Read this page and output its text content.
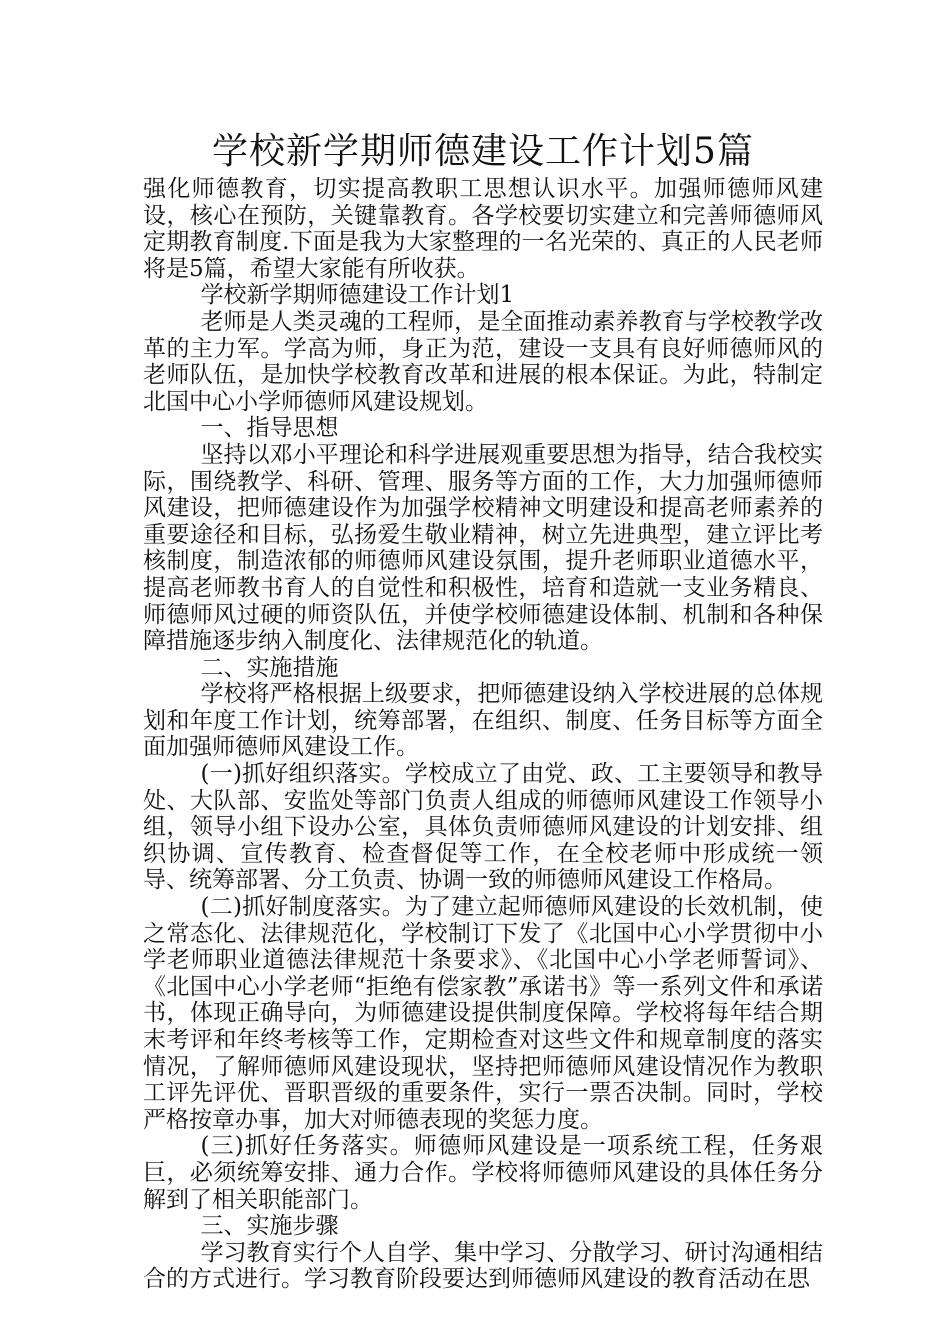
学校新学期师德建设工作计划5篇

强化师德教育，切实提高教职工思想认识水平。加强师德师风建设，核心在预防，关键靠教育。各学校要切实建立和完善师德师风定期教育制度.下面是我为大家整理的一名光荣的、真正的人民老师将是5篇，希望大家能有所收获。

学校新学期师德建设工作计划1

老师是人类灵魂的工程师，是全面推动素养教育与学校教学改革的主力军。学高为师，身正为范，建设一支具有良好师德师风的老师队伍，是加快学校教育改革和进展的根本保证。为此，特制定北国中心小学师德师风建设规划。

一、指导思想

坚持以邓小平理论和科学进展观重要思想为指导，结合我校实际，围绕教学、科研、管理、服务等方面的工作，大力加强师德师风建设，把师德建设作为加强学校精神文明建设和提高老师素养的重要途径和目标，弘扬爱生敬业精神，树立先进典型，建立评比考核制度，制造浓郁的师德师风建设氛围，提升老师职业道德水平，提高老师教书育人的自觉性和积极性，培育和造就一支业务精良、师德师风过硬的师资队伍，并使学校师德建设体制、机制和各种保障措施逐步纳入制度化、法律规范化的轨道。

二、实施措施

学校将严格根据上级要求，把师德建设纳入学校进展的总体规划和年度工作计划，统筹部署，在组织、制度、任务目标等方面全面加强师德师风建设工作。

(一)抓好组织落实。学校成立了由党、政、工主要领导和教导处、大队部、安监处等部门负责人组成的师德师风建设工作领导小组，领导小组下设办公室，具体负责师德师风建设的计划安排、组织协调、宣传教育、检查督促等工作，在全校老师中形成统一领导、统筹部署、分工负责、协调一致的师德师风建设工作格局。

(二)抓好制度落实。为了建立起师德师风建设的长效机制，使之常态化、法律规范化，学校制订下发了《北国中心小学贯彻中小学老师职业道德法律规范十条要求》、《北国中心小学老师誓词》、《北国中心小学老师“拒绝有偿家教”承诺书》等一系列文件和承诺书，体现正确导向，为师德建设提供制度保障。学校将每年结合期末考评和年终考核等工作，定期检查对这些文件和规章制度的落实情况，了解师德师风建设现状，坚持把师德师风建设情况作为教职工评先评优、晋职晋级的重要条件，实行一票否决制。同时，学校严格按章办事，加大对师德表现的奖惩力度。

(三)抓好任务落实。师德师风建设是一项系统工程，任务艰巨，必须统筹安排、通力合作。学校将师德师风建设的具体任务分解到了相关职能部门。

三、实施步骤

学习教育实行个人自学、集中学习、分散学习、研讨沟通相结合的方式进行。学习教育阶段要达到师德师风建设的教育活动在思
